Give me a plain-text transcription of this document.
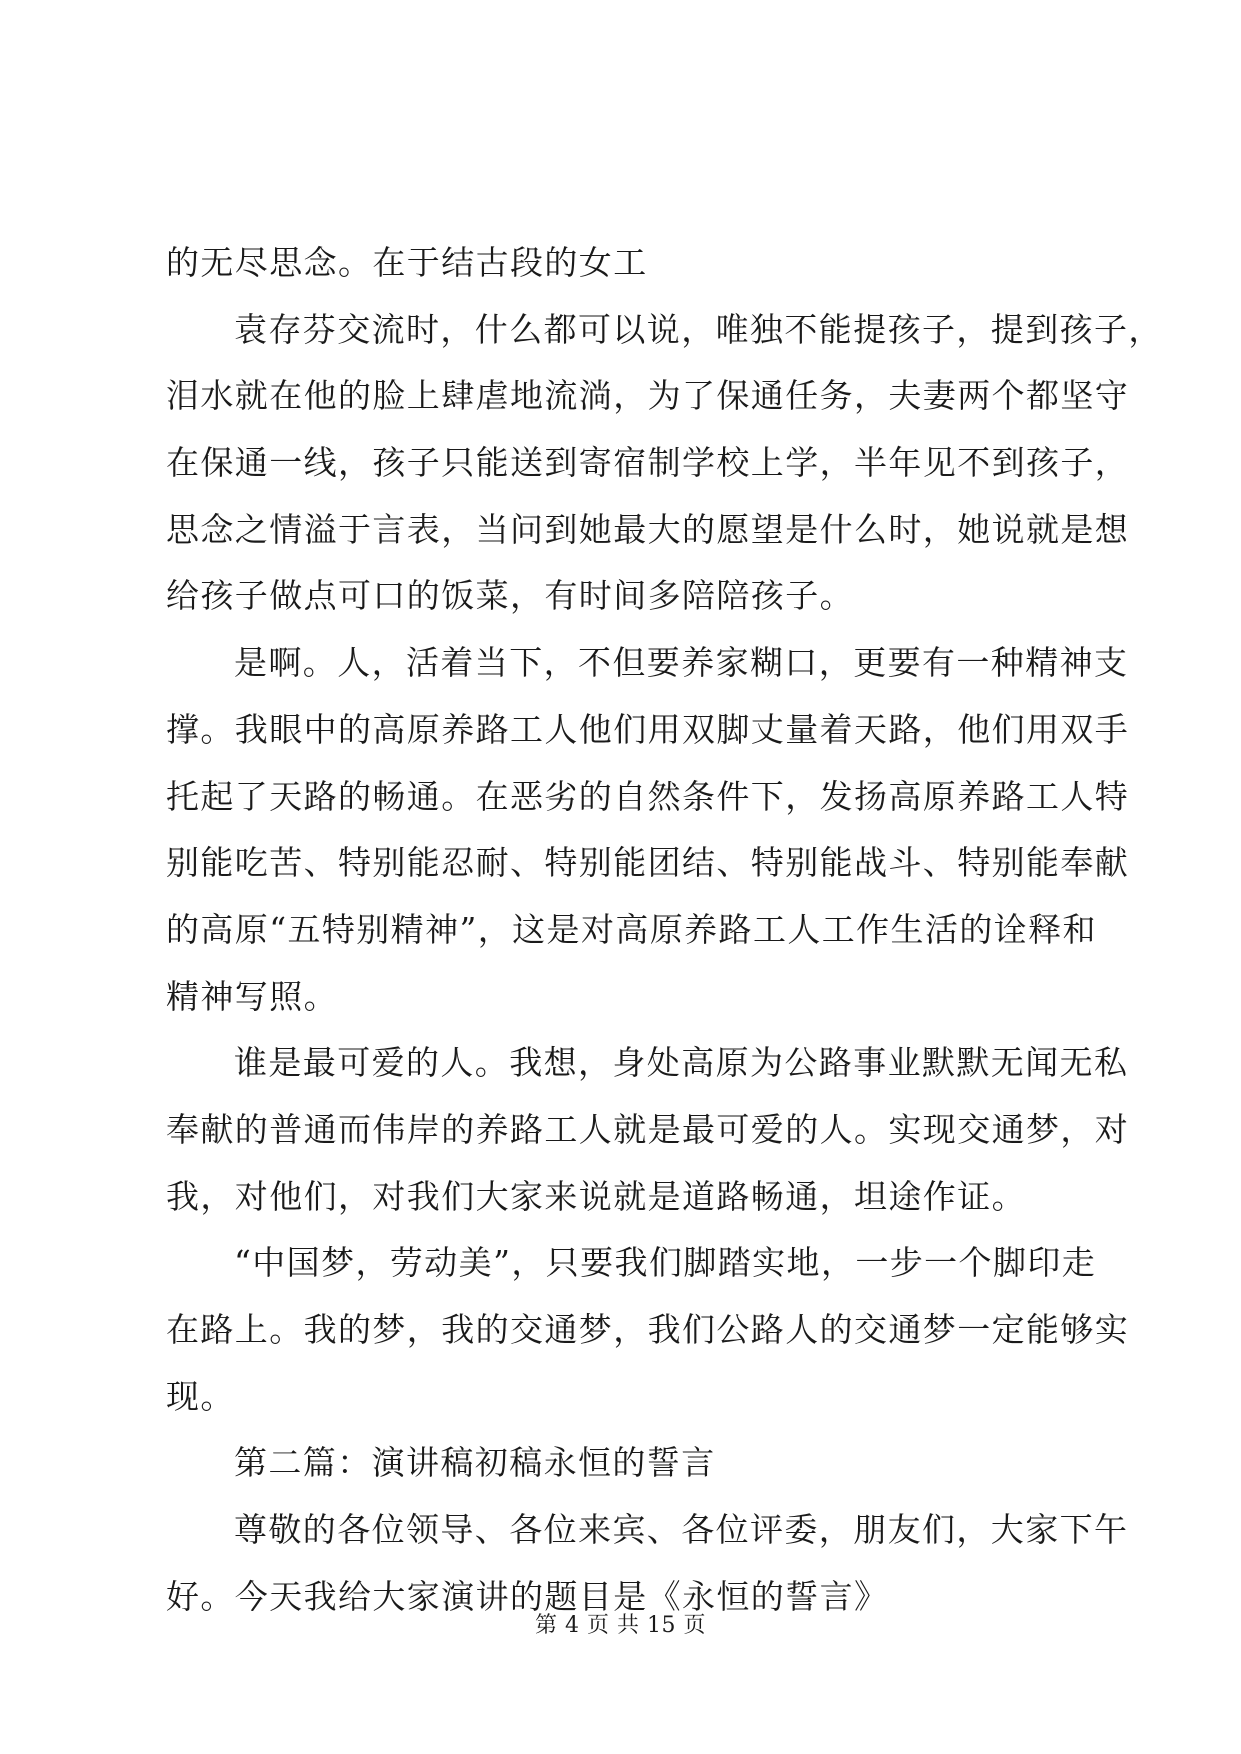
的无尽思念。在于结古段的女工
袁存芬交流时，什么都可以说，唯独不能提孩子，提到孩子，
泪水就在他的脸上肆虐地流淌，为了保通任务，夫妻两个都坚守
在保通一线，孩子只能送到寄宿制学校上学，半年见不到孩子，
思念之情溢于言表，当问到她最大的愿望是什么时，她说就是想
给孩子做点可口的饭菜，有时间多陪陪孩子。
是啊。人，活着当下，不但要养家糊口，更要有一种精神支
撑。我眼中的高原养路工人他们用双脚丈量着天路，他们用双手
托起了天路的畅通。在恶劣的自然条件下，发扬高原养路工人特
别能吃苦、特别能忍耐、特别能团结、特别能战斗、特别能奉献
的高原“五特别精神”，这是对高原养路工人工作生活的诠释和
精神写照。
谁是最可爱的人。我想，身处高原为公路事业默默无闻无私
奉献的普通而伟岸的养路工人就是最可爱的人。实现交通梦，对
我，对他们，对我们大家来说就是道路畅通，坦途作证。
“中国梦，劳动美”，只要我们脚踏实地，一步一个脚印走
在路上。我的梦，我的交通梦，我们公路人的交通梦一定能够实
现。
第二篇：演讲稿初稿永恒的誓言
尊敬的各位领导、各位来宾、各位评委，朋友们，大家下午
好。今天我给大家演讲的题目是《永恒的誓言》
第 4 页 共 15 页
